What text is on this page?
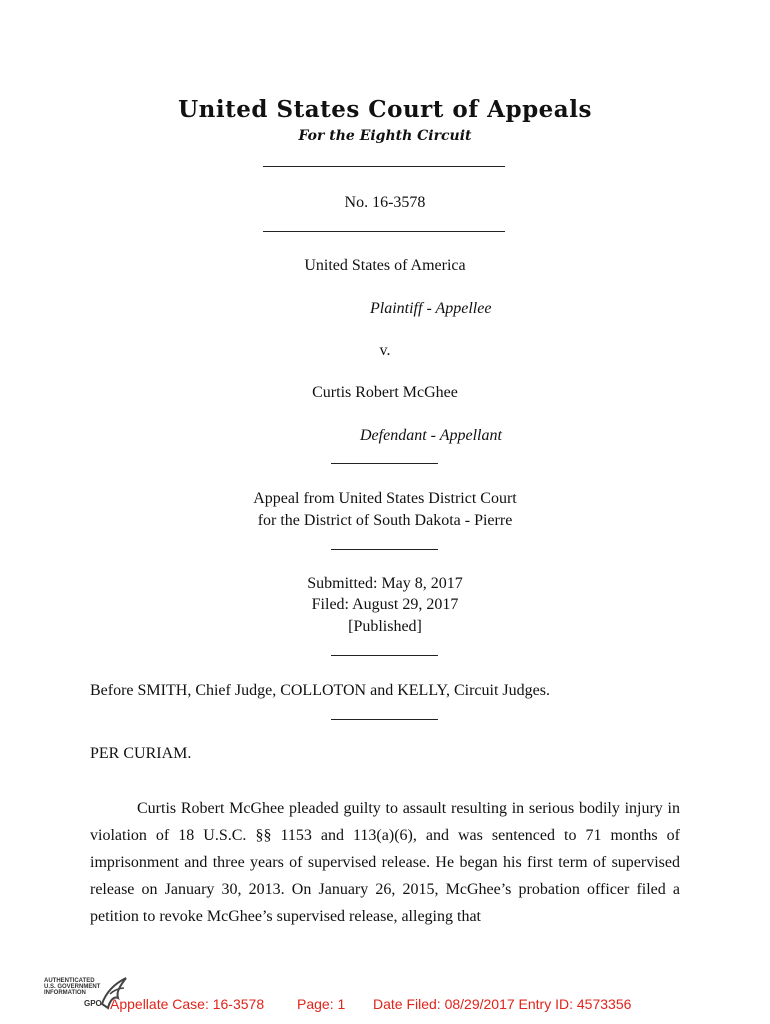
United States Court of Appeals
For the Eighth Circuit
No. 16-3578
United States of America
Plaintiff - Appellee
v.
Curtis Robert McGhee
Defendant - Appellant
Appeal from United States District Court
for the District of South Dakota - Pierre
Submitted: May 8, 2017
Filed: August 29, 2017
[Published]
Before SMITH, Chief Judge, COLLOTON and KELLY, Circuit Judges.
PER CURIAM.

Curtis Robert McGhee pleaded guilty to assault resulting in serious bodily injury in violation of 18 U.S.C. §§ 1153 and 113(a)(6), and was sentenced to 71 months of imprisonment and three years of supervised release. He began his first term of supervised release on January 30, 2013. On January 26, 2015, McGhee’s probation officer filed a petition to revoke McGhee’s supervised release, alleging that

AUTHENTICATED
U.S. GOVERNMENT
INFORMATION
GPO Appellate Case: 16-3578 Page: 1 Date Filed: 08/29/2017 Entry ID: 4573356
